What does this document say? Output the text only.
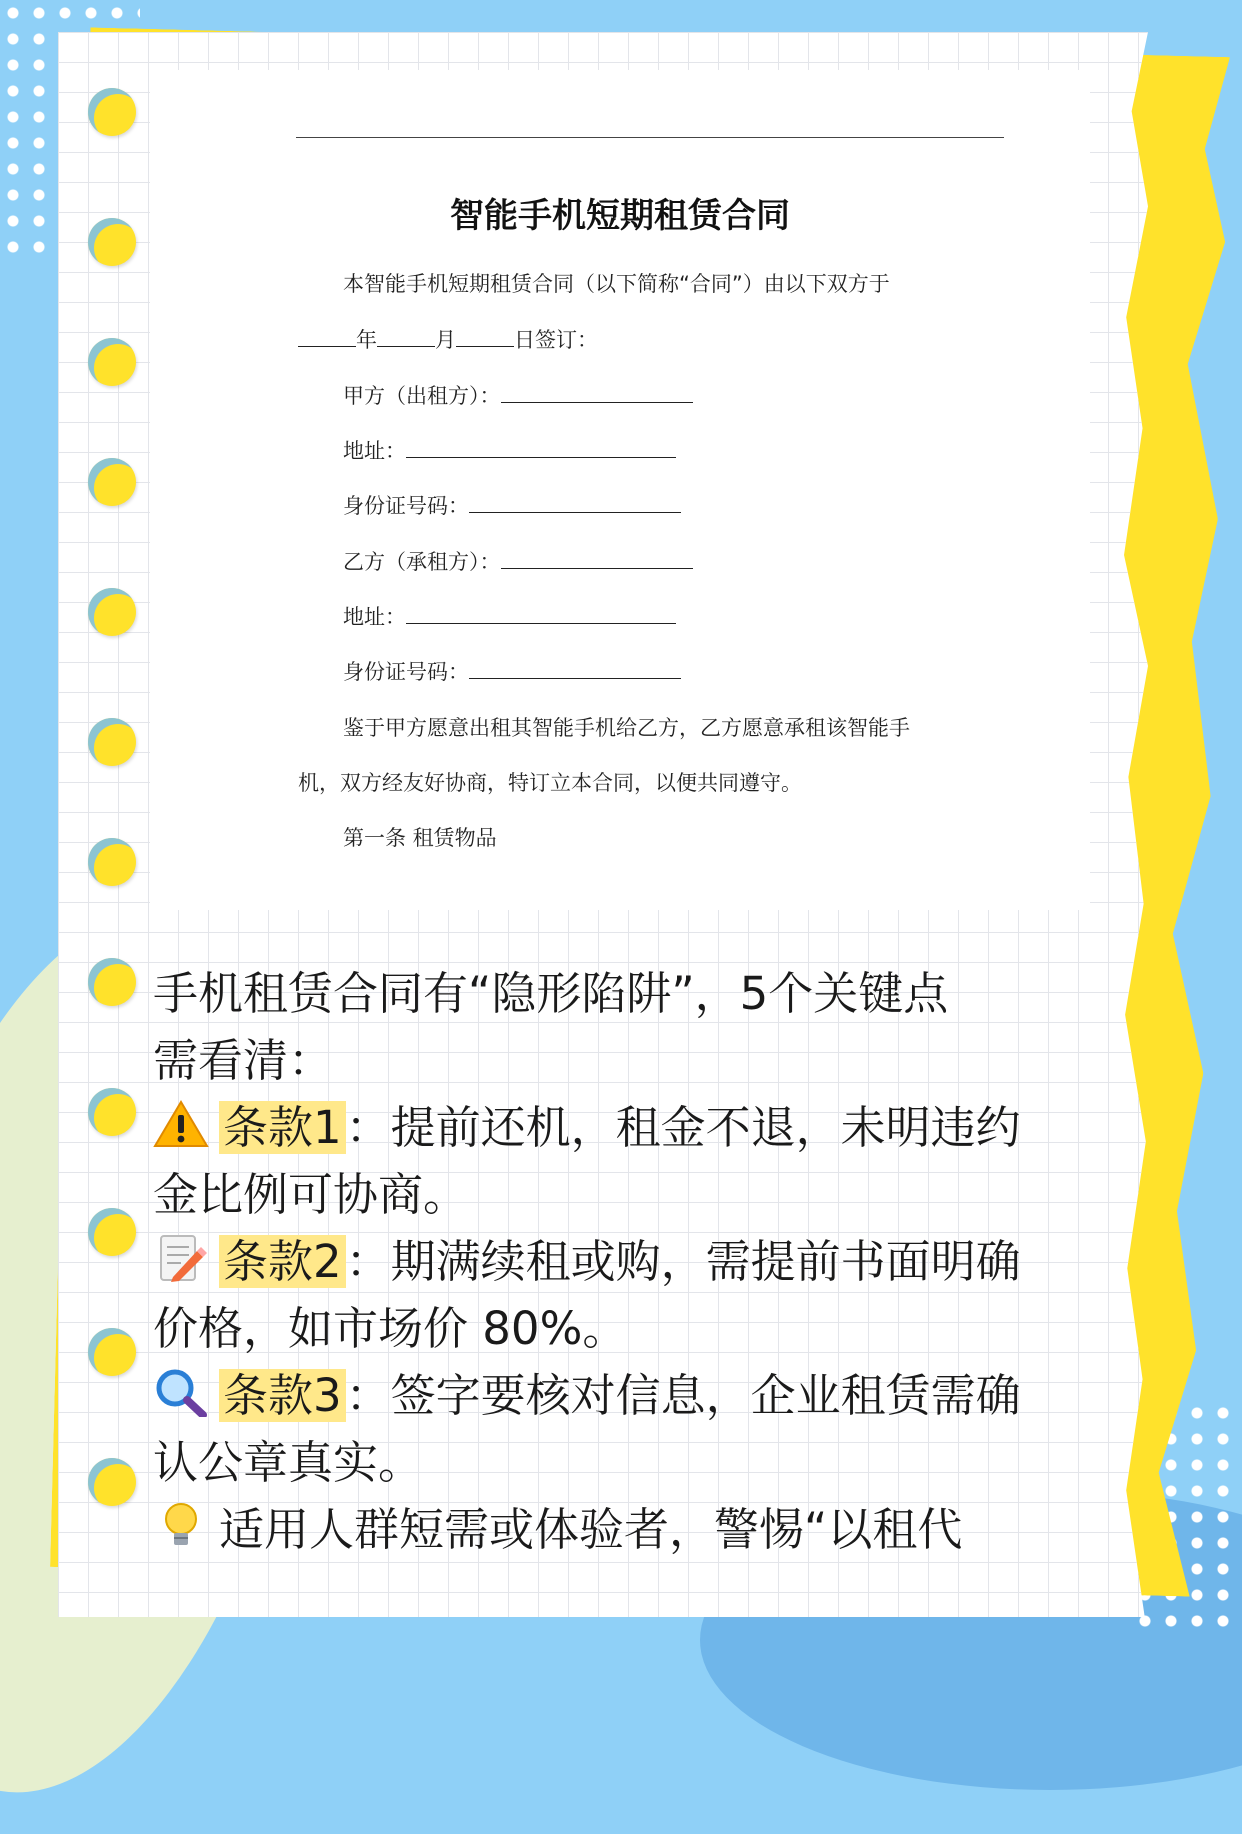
智能手机短期租赁合同
本智能手机短期租赁合同（以下简称“合同”）由以下双方于
年	月	日签订：
甲方（出租方）：
地址：
身份证号码：
乙方（承租方）：
地址：
身份证号码：
鉴于甲方愿意出租其智能手机给乙方，乙方愿意承租该智能手
机，双方经友好协商，特订立本合同，以便共同遵守。
第一条 租赁物品

手机租赁合同有“隐形陷阱”，5个关键点
需看清：

条款1：提前还机，租金不退，未明违约
金比例可协商。

条款2：期满续租或购，需提前书面明确
价格，如市场价 80%。

条款3：签字要核对信息，企业租赁需确
认公章真实。

适用人群短需或体验者，警惕“以租代
